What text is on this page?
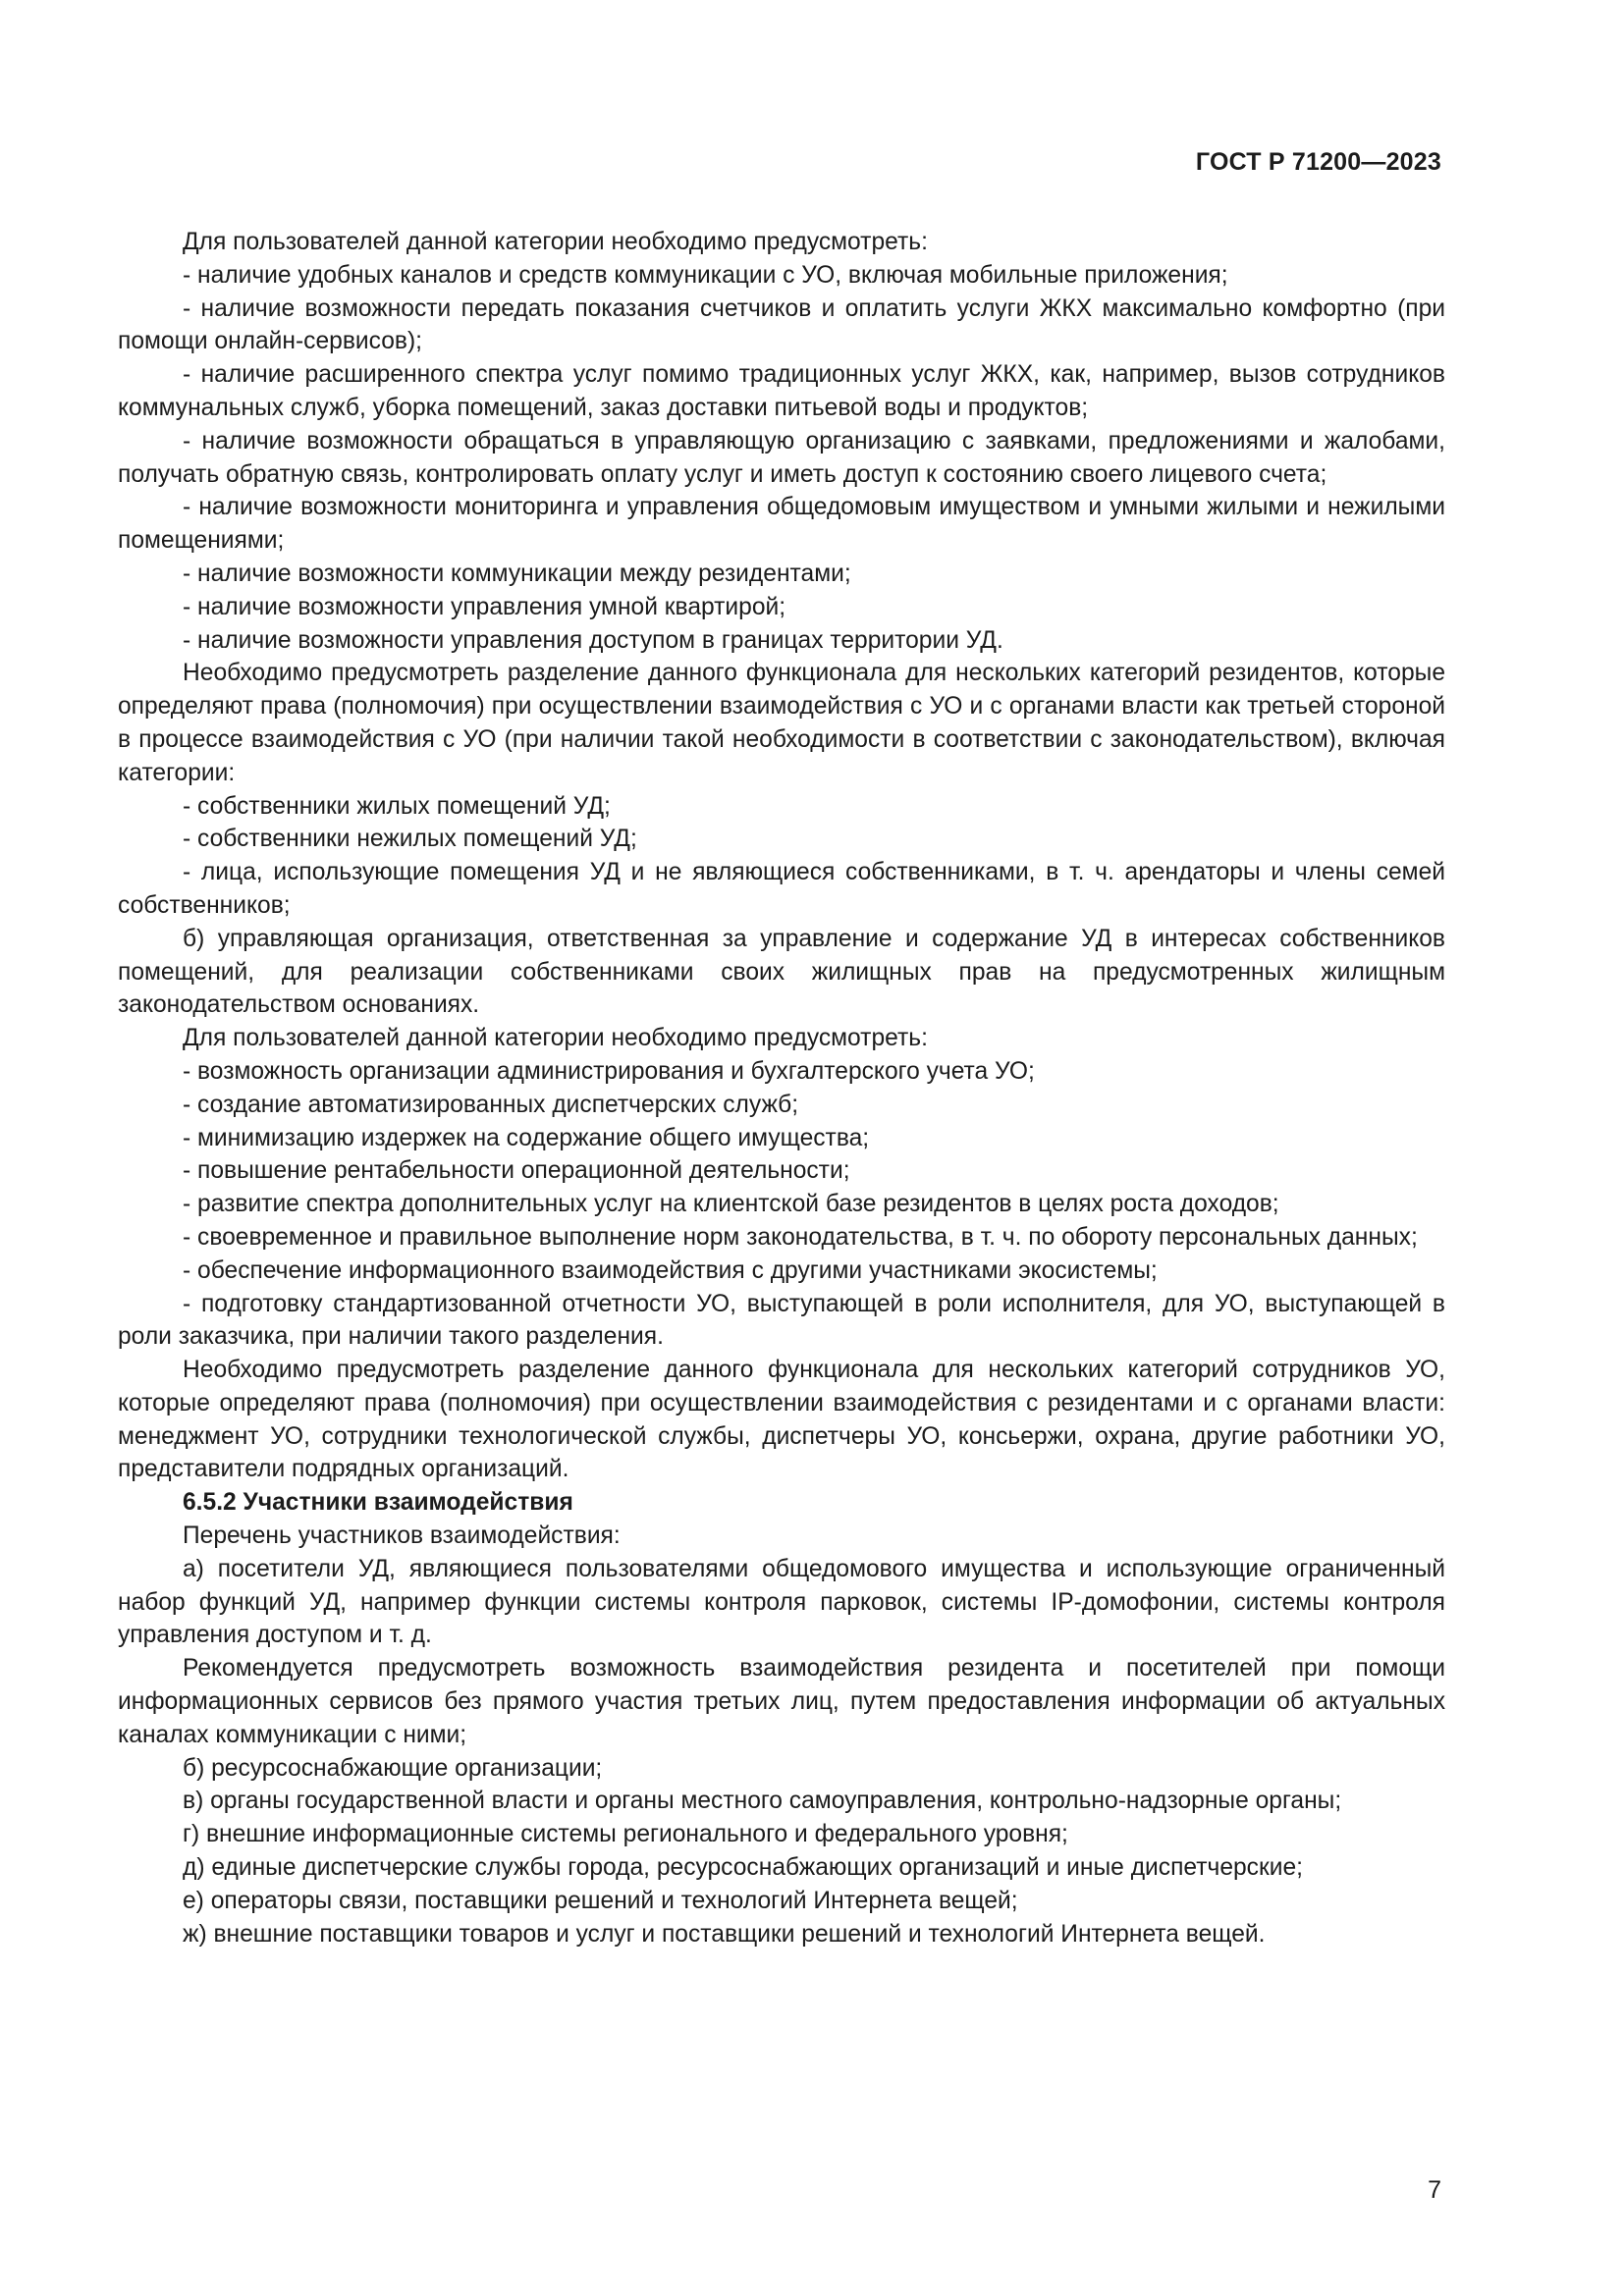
ГОСТ Р 71200—2023

Для пользователей данной категории необходимо предусмотреть:

- наличие удобных каналов и средств коммуникации с УО, включая мобильные приложения;

- наличие возможности передать показания счетчиков и оплатить услуги ЖКХ максимально комфортно (при помощи онлайн-сервисов);

- наличие расширенного спектра услуг помимо традиционных услуг ЖКХ, как, например, вызов сотрудников коммунальных служб, уборка помещений, заказ доставки питьевой воды и продуктов;

- наличие возможности обращаться в управляющую организацию с заявками, предложениями и жалобами, получать обратную связь, контролировать оплату услуг и иметь доступ к состоянию своего лицевого счета;

- наличие возможности мониторинга и управления общедомовым имуществом и умными жилыми и нежилыми помещениями;

- наличие возможности коммуникации между резидентами;

- наличие возможности управления умной квартирой;

- наличие возможности управления доступом в границах территории УД.

Необходимо предусмотреть разделение данного функционала для нескольких категорий резидентов, которые определяют права (полномочия) при осуществлении взаимодействия с УО и с органами власти как третьей стороной в процессе взаимодействия с УО (при наличии такой необходимости в соответствии с законодательством), включая категории:

- собственники жилых помещений УД;

- собственники нежилых помещений УД;

- лица, использующие помещения УД и не являющиеся собственниками, в т. ч. арендаторы и члены семей собственников;

б) управляющая организация, ответственная за управление и содержание УД в интересах собственников помещений, для реализации собственниками своих жилищных прав на предусмотренных жилищным законодательством основаниях.

Для пользователей данной категории необходимо предусмотреть:

- возможность организации администрирования и бухгалтерского учета УО;

- создание автоматизированных диспетчерских служб;

- минимизацию издержек на содержание общего имущества;

- повышение рентабельности операционной деятельности;

- развитие спектра дополнительных услуг на клиентской базе резидентов в целях роста доходов;

- своевременное и правильное выполнение норм законодательства, в т. ч. по обороту персональных данных;

- обеспечение информационного взаимодействия с другими участниками экосистемы;

- подготовку стандартизованной отчетности УО, выступающей в роли исполнителя, для УО, выступающей в роли заказчика, при наличии такого разделения.

Необходимо предусмотреть разделение данного функционала для нескольких категорий сотрудников УО, которые определяют права (полномочия) при осуществлении взаимодействия с резидентами и с органами власти: менеджмент УО, сотрудники технологической службы, диспетчеры УО, консьержи, охрана, другие работники УО, представители подрядных организаций.

6.5.2 Участники взаимодействия

Перечень участников взаимодействия:

а) посетители УД, являющиеся пользователями общедомового имущества и использующие ограниченный набор функций УД, например функции системы контроля парковок, системы IP-домофонии, системы контроля управления доступом и т. д.

Рекомендуется предусмотреть возможность взаимодействия резидента и посетителей при помощи информационных сервисов без прямого участия третьих лиц, путем предоставления информации об актуальных каналах коммуникации с ними;

б) ресурсоснабжающие организации;

в) органы государственной власти и органы местного самоуправления, контрольно-надзорные органы;

г) внешние информационные системы регионального и федерального уровня;

д) единые диспетчерские службы города, ресурсоснабжающих организаций и иные диспетчерские;

е) операторы связи, поставщики решений и технологий Интернета вещей;

ж) внешние поставщики товаров и услуг и поставщики решений и технологий Интернета вещей.

7
